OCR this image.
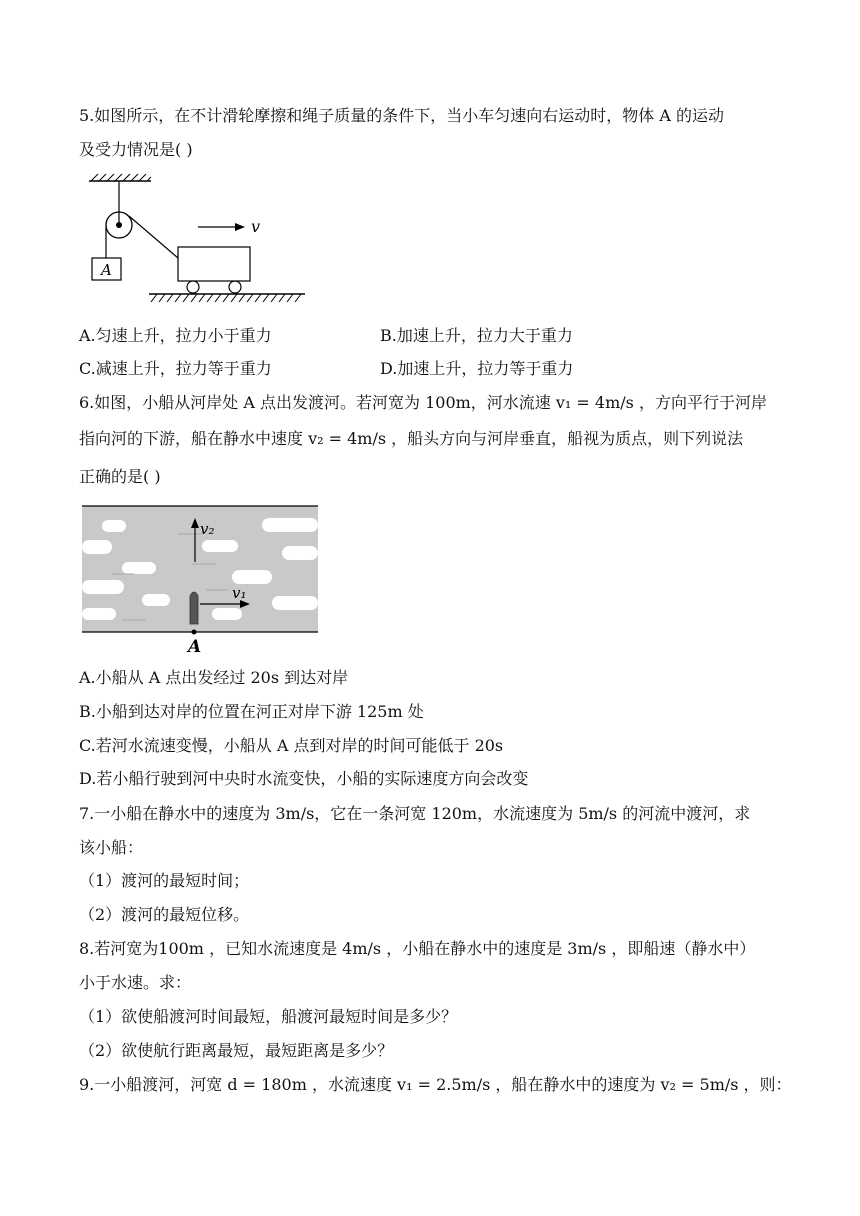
5.如图所示，在不计滑轮摩擦和绳子质量的条件下，当小车匀速向右运动时，物体 A 的运动
及受力情况是( )
A
v
A.匀速上升，拉力小于重力	B.加速上升，拉力大于重力
C.减速上升，拉力等于重力	D.加速上升，拉力等于重力
6.如图，小船从河岸处 A 点出发渡河。若河宽为 100m，河水流速 v₁ = 4m/s ，方向平行于河岸
指向河的下游，船在静水中速度 v₂ = 4m/s ，船头方向与河岸垂直，船视为质点，则下列说法
正确的是( )
v₂
v₁
A
A.小船从 A 点出发经过 20s 到达对岸
B.小船到达对岸的位置在河正对岸下游 125m 处
C.若河水流速变慢，小船从 A 点到对岸的时间可能低于 20s
D.若小船行驶到河中央时水流变快，小船的实际速度方向会改变
7.一小船在静水中的速度为 3m/s，它在一条河宽 120m，水流速度为 5m/s 的河流中渡河，求
该小船：
（1）渡河的最短时间；
（2）渡河的最短位移。
8.若河宽为100m ，已知水流速度是 4m/s ，小船在静水中的速度是 3m/s ，即船速（静水中）
小于水速。求：
（1）欲使船渡河时间最短，船渡河最短时间是多少？
（2）欲使航行距离最短，最短距离是多少？
9.一小船渡河，河宽 d = 180m ，水流速度 v₁ = 2.5m/s ，船在静水中的速度为 v₂ = 5m/s ，则：
